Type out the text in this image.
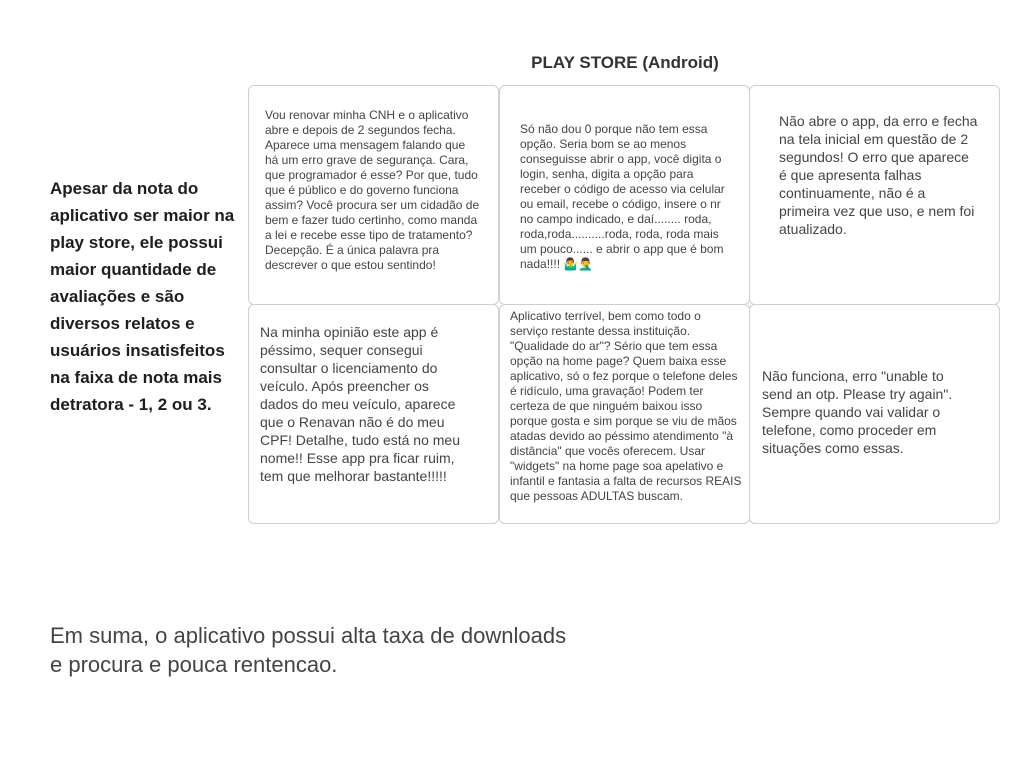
PLAY STORE (Android)

Apesar da nota do aplicativo ser maior na play store, ele possui maior quantidade de avaliações e são diversos relatos e usuários insatisfeitos na faixa de nota mais detratora - 1, 2 ou 3.

Vou renovar minha CNH e o aplicativo abre e depois de 2 segundos fecha. Aparece uma mensagem falando que há um erro grave de segurança. Cara, que programador é esse? Por que, tudo que é público e do governo funciona assim? Você procura ser um cidadão de bem e fazer tudo certinho, como manda a lei e recebe esse tipo de tratamento? Decepção. É a única palavra pra descrever o que estou sentindo!

Só não dou 0 porque não tem essa opção. Seria bom se ao menos conseguisse abrir o app, você digita o login, senha, digita a opção para receber o código de acesso via celular ou email, recebe o código, insere o nr no campo indicado, e daí........ roda, roda,roda..........roda, roda, roda mais um pouco...... e abrir o app que é bom nada!!!! 🤷‍♂️🤦‍♂️

Não abre o app, da erro e fecha na tela inicial em questão de 2 segundos! O erro que aparece é que apresenta falhas continuamente, não é a primeira vez que uso, e nem foi atualizado.

Na minha opinião este app é péssimo, sequer consegui consultar o licenciamento do veículo. Após preencher os dados do meu veículo, aparece que o Renavan não é do meu CPF! Detalhe, tudo está no meu nome!! Esse app pra ficar ruim, tem que melhorar bastante!!!!!

Aplicativo terrível, bem como todo o serviço restante dessa instituição. "Qualidade do ar"? Sério que tem essa opção na home page? Quem baixa esse aplicativo, só o fez porque o telefone deles é ridículo, uma gravação! Podem ter certeza de que ninguém baixou isso porque gosta e sim porque se viu de mãos atadas devido ao péssimo atendimento "à distância" que vocês oferecem. Usar "widgets" na home page soa apelativo e infantil e fantasia a falta de recursos REAIS que pessoas ADULTAS buscam.

Não funciona, erro "unable to send an otp. Please try again". Sempre quando vai validar o telefone, como proceder em situações como essas.

Em suma, o aplicativo possui alta taxa de downloads e procura e pouca rentencao.
